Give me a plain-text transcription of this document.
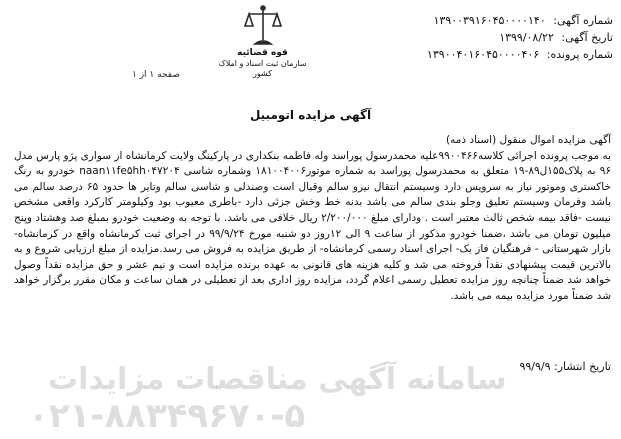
شماره آگهی: ۱۳۹۰۰۳۹۱۶۰۴۵۰۰۰۰۱۴۰
تاریخ آگهی: ۱۳۹۹/۰۸/۲۲
شماره پرونده: ۱۳۹۰۰۴۰۱۶۰۴۵۰۰۰۰۴۰۶
قوه قضائیه
سازمان ثبت اسناد و املاک کشور
صفحه ۱ از ۱
آگهی مزایده اتومبیل
آگهی مزایده اموال منقول (اسناد ذمه)
به موجب پرونده اجرائی کلاسه۹۹۰۰۴۶۶علیه محمدرسول پوراسد وله فاطمه بنکداری در پارکینگ ولایت کرمانشاه از سواری پژو پارس مدل ۹۶ به پلاک۱۵۵ل۸۹-۱۹ متعلق به محمدرسول پوراسد به شماره موتور۱۸۱۰۰۴۰۰۶ وشماره شاسی naan۱۱fe۵hh۰۴۷۲۰۴ خودرو به رنگ خاکستری وموتور نیاز به سرویس دارد وسیستم انتقال نیرو سالم وقبال است وصندلی و شاسی سالم وتایر ها حدود ۶۵ درصد سالم می باشد وفرمان وسیستم تعلیق وجلو بندی سالم می باشد بدنه خط وخش جزئی دارد -باطری معیوب بود وکیلومتر کارکرد واقعی مشخص نیست -فاقد بیمه شخص ثالث معتبر است . ودارای مبلغ ۲/۲۰۰/۰۰۰ ریال خلافی می باشد. با توجه به وضعیت خودرو بمبلغ صد وهشتاد وپنج میلیون تومان می باشد ،ضمنا خودرو مذکور از ساعت ۹ الی ۱۲روز دو شنبه مورخ ۹۹/۹/۲۴ در اجرای ثبت کرمانشاه واقع در کرمانشاه- بازار شهرستانی - فرهنگیان فاز یک- اجرای اسناد رسمی کرمانشاه- از طریق مزایده به فروش می رسد.مزایده از مبلغ ارزیابی شروع و به بالاترین قیمت پیشنهادی نقداً فروخته می شد و کلیه هزینه های قانونی به عهده برنده مزایده است و نیم عشر و حق مزایده نقداً وصول خواهد شد ضمناً چنانچه روز مزایده تعطیل رسمی اعلام گردد، مزایده روز اداری بعد از تعطیلی در همان ساعت و مکان مقرر برگزار خواهد شد ضمناً مورد مزایده بیمه می باشد.
تاریخ انتشار: ۹۹/۹/۹
سامانه آگهی مناقصات مزایدات
۰۲۱-۸۸۳۴۹۶۷۰-۵
